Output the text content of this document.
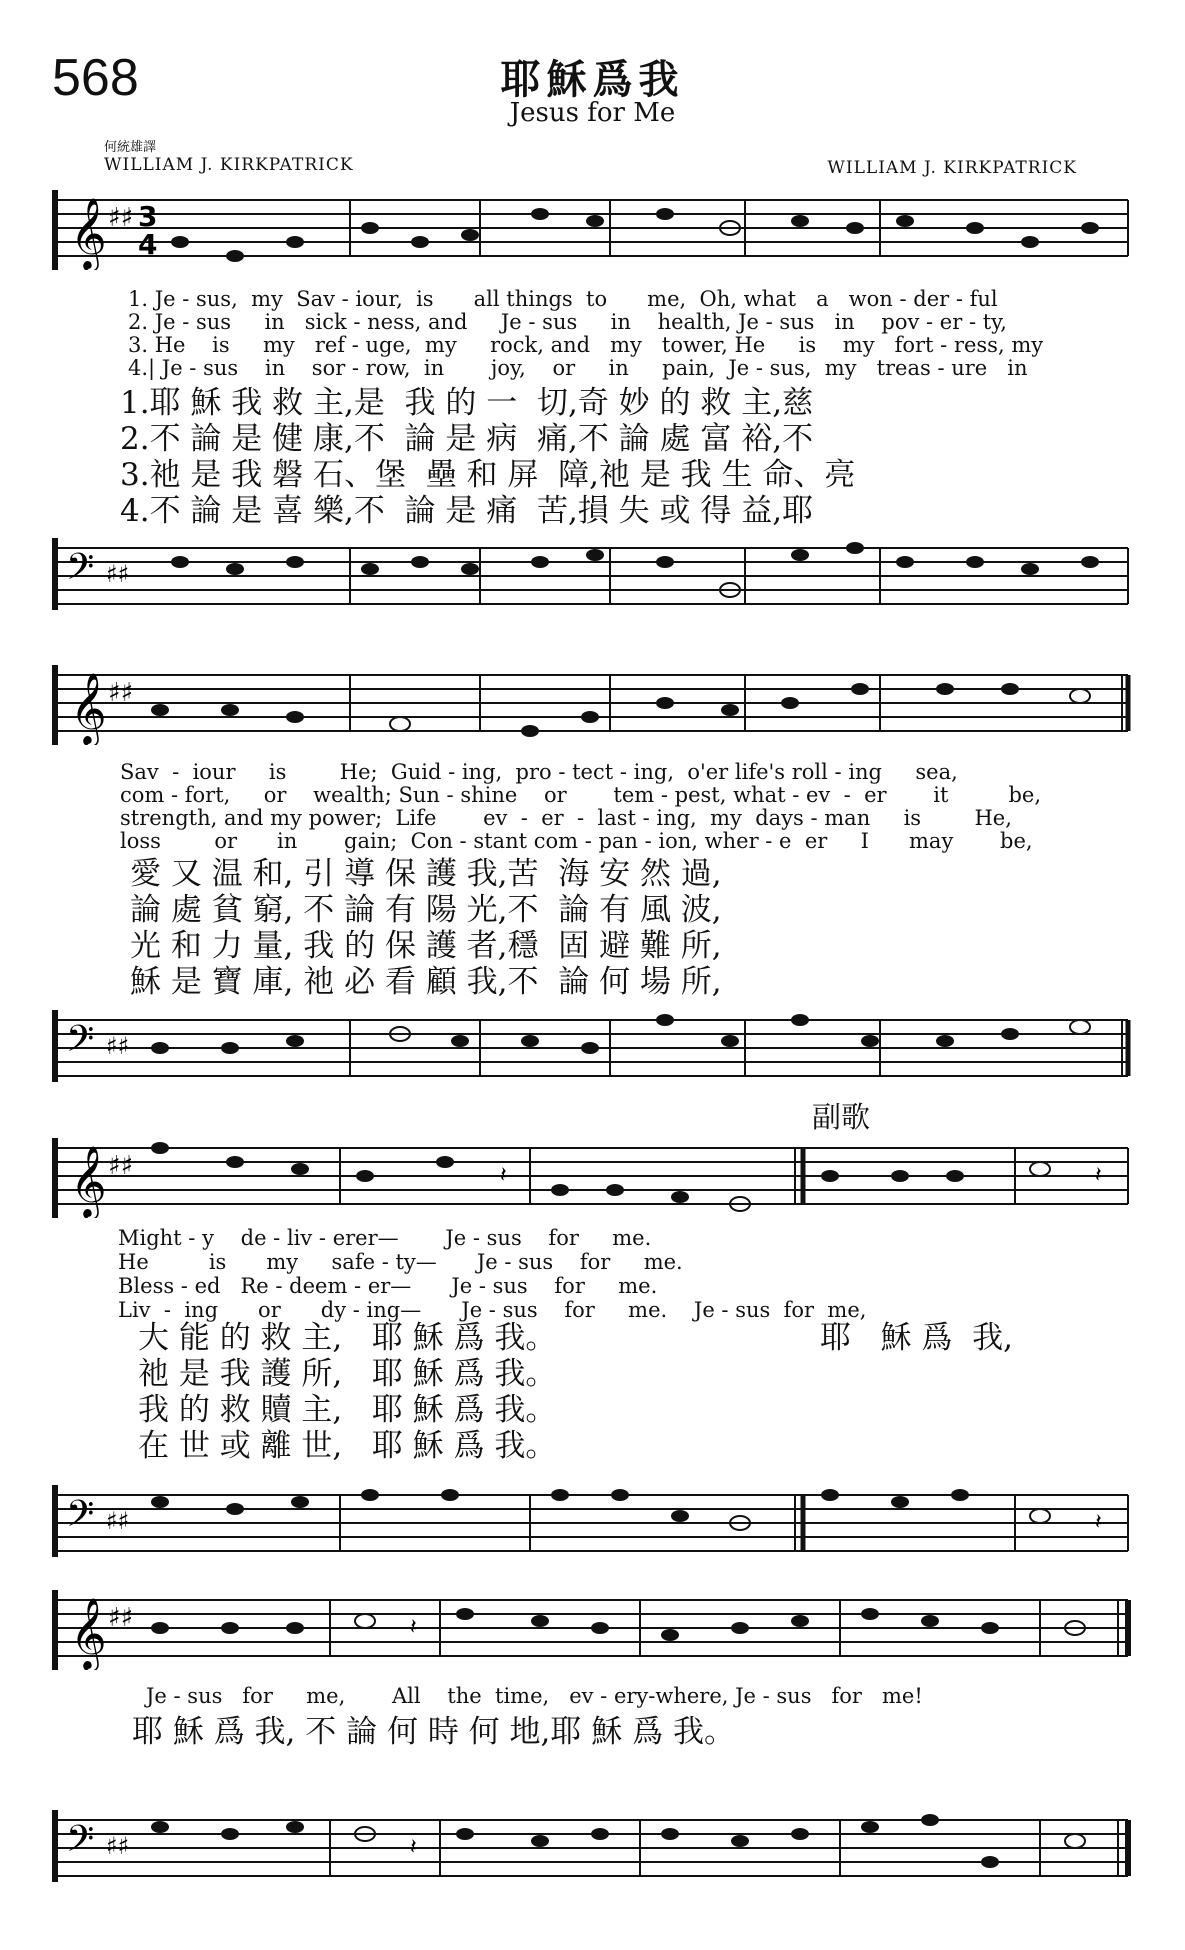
568	耶穌爲我
Jesus for Me
何統雄譯
WILLIAM J. KIRKPATRICK	WILLIAM J. KIRKPATRICK
𝄞 ♯♯ 3
4
1. Je - sus,  my  Sav - iour,  is      all things  to      me,  Oh, what   a   won - der - ful
2. Je - sus     in   sick - ness, and     Je - sus     in    health, Je - sus   in    pov - er - ty,
3. He    is     my   ref - uge,  my     rock, and   my   tower, He     is    my   fort - ress, my
4.| Je - sus    in    sor - row,  in       joy,    or     in     pain,  Je - sus,  my   treas - ure   in
1.耶 穌 我 救 主,是  我 的 一  切,奇 妙 的 救 主,慈
2.不 論 是 健 康,不  論 是 病  痛,不 論 處 富 裕,不
3.祂 是 我 磐 石、堡  壘 和 屏  障,祂 是 我 生 命、亮
4.不 論 是 喜 樂,不  論 是 痛  苦,損 失 或 得 益,耶
𝄢 ♯♯
𝄞 ♯♯
Sav  -  iour     is        He;  Guid - ing,  pro - tect - ing,  o'er life's roll - ing     sea,
com - fort,     or    wealth; Sun - shine    or       tem - pest, what - ev  -  er       it         be,
strength, and my power;  Life       ev  -  er  -  last - ing,  my  days - man     is        He,
loss        or      in       gain;  Con - stant com - pan - ion, wher - e  er     I      may       be,
愛 又 温 和, 引 導 保 護 我,苦  海 安 然 過,
論 處 貧 窮, 不 論 有 陽 光,不  論 有 風 波,
光 和 力 量, 我 的 保 護 者,穩  固 避 難 所,
穌 是 寶 庫, 祂 必 看 顧 我,不  論 何 場 所,
𝄢 ♯♯
副歌
𝄞 ♯♯	𝄽	𝄽
Might - y    de - liv - erer—       Je - sus    for     me.
He         is      my     safe - ty—      Je - sus    for     me.
Bless - ed   Re - deem - er—      Je - sus    for     me.
Liv  -  ing      or      dy - ing—      Je - sus    for     me.    Je - sus  for  me,
大 能 的 救 主,   耶 穌 爲 我。	耶   穌 爲  我,
祂 是 我 護 所,   耶 穌 爲 我。
我 的 救 贖 主,   耶 穌 爲 我。
在 世 或 離 世,   耶 穌 爲 我。
𝄢 ♯♯	𝄽
𝄞 ♯♯	𝄽
Je - sus   for     me,       All    the  time,   ev - ery-where, Je - sus   for   me!
耶 穌 爲 我, 不 論 何 時 何 地,耶 穌 爲 我。
𝄢 ♯♯	𝄽
